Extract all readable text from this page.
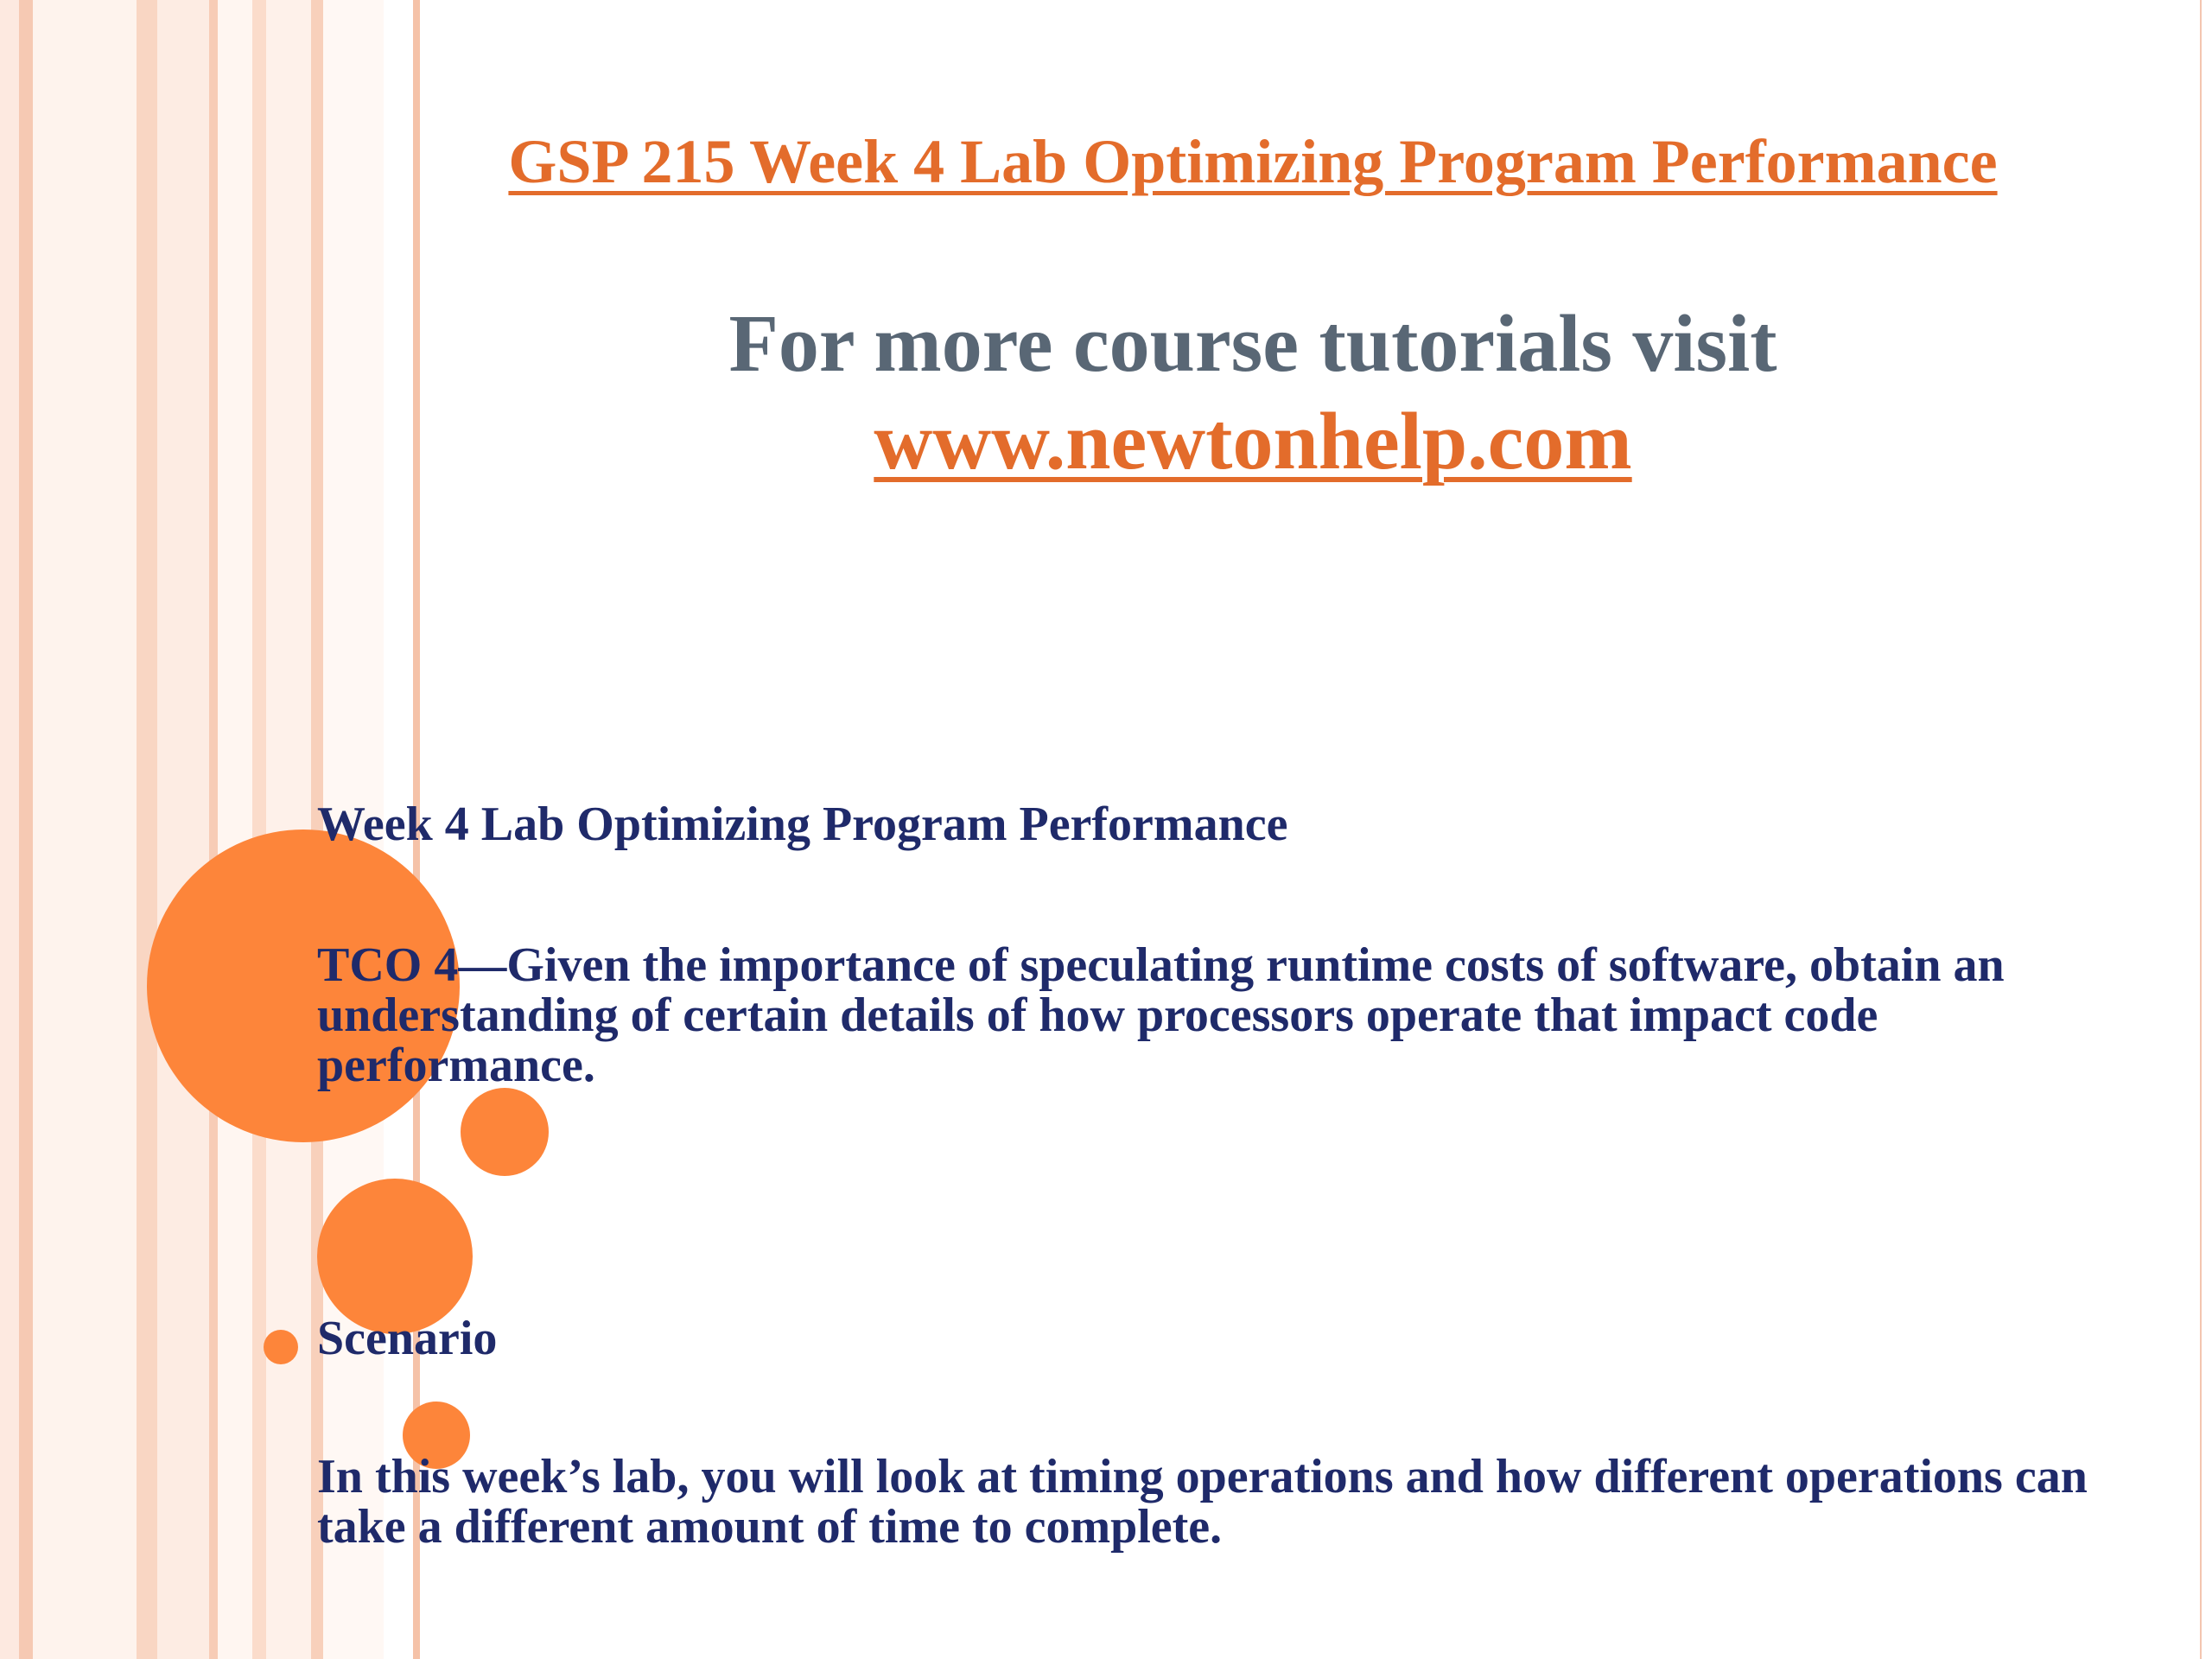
GSP 215 Week 4 Lab Optimizing Program Performance
For more course tutorials visit
www.newtonhelp.com

Week 4 Lab Optimizing Program Performance

TCO 4—Given the importance of speculating runtime costs of software, obtain an understanding of certain details of how processors operate that impact code performance.

Scenario

In this week’s lab, you will look at timing operations and how different operations can take a different amount of time to complete.
